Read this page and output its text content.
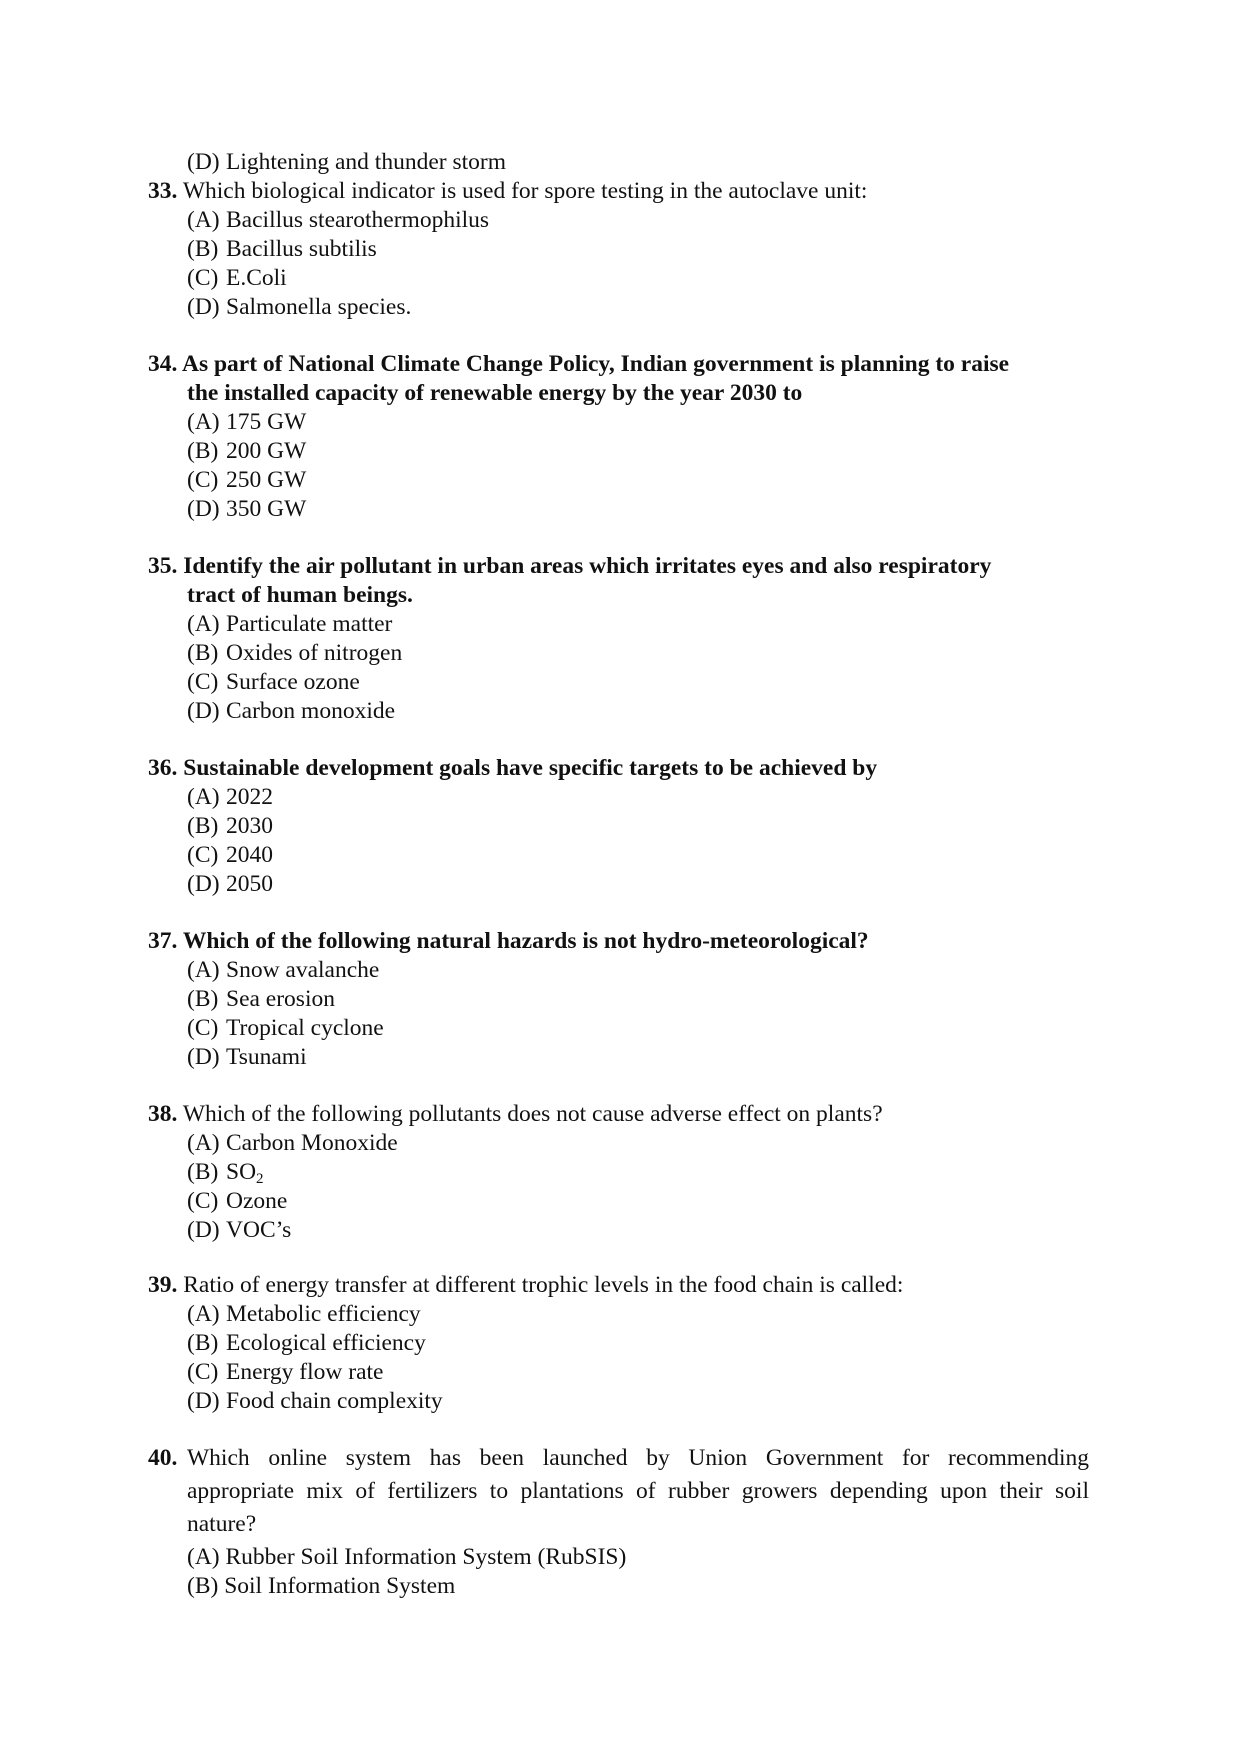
(D) Lightening and thunder storm
33. Which biological indicator is used for spore testing in the autoclave unit:
(A) Bacillus stearothermophilus
(B) Bacillus subtilis
(C) E.Coli
(D) Salmonella species.
34. As part of National Climate Change Policy, Indian government is planning to raise
the installed capacity of renewable energy by the year 2030 to
(A) 175 GW
(B) 200 GW
(C) 250 GW
(D) 350 GW
35. Identify the air pollutant in urban areas which irritates eyes and also respiratory
tract of human beings.
(A) Particulate matter
(B) Oxides of nitrogen
(C) Surface ozone
(D) Carbon monoxide
36. Sustainable development goals have specific targets to be achieved by
(A) 2022
(B) 2030
(C) 2040
(D) 2050
37. Which of the following natural hazards is not hydro-meteorological?
(A) Snow avalanche
(B) Sea erosion
(C) Tropical cyclone
(D) Tsunami
38. Which of the following pollutants does not cause adverse effect on plants?
(A) Carbon Monoxide
(B) $SO_2$
(C) Ozone
(D) VOC’s
39. Ratio of energy transfer at different trophic levels in the food chain is called:
(A) Metabolic efficiency
(B) Ecological efficiency
(C) Energy flow rate
(D) Food chain complexity
40. Which online system has been launched by Union Government for recommending
appropriate mix of fertilizers to plantations of rubber growers depending upon their soil
nature?
(A) Rubber Soil Information System (RubSIS)
(B) Soil Information System
